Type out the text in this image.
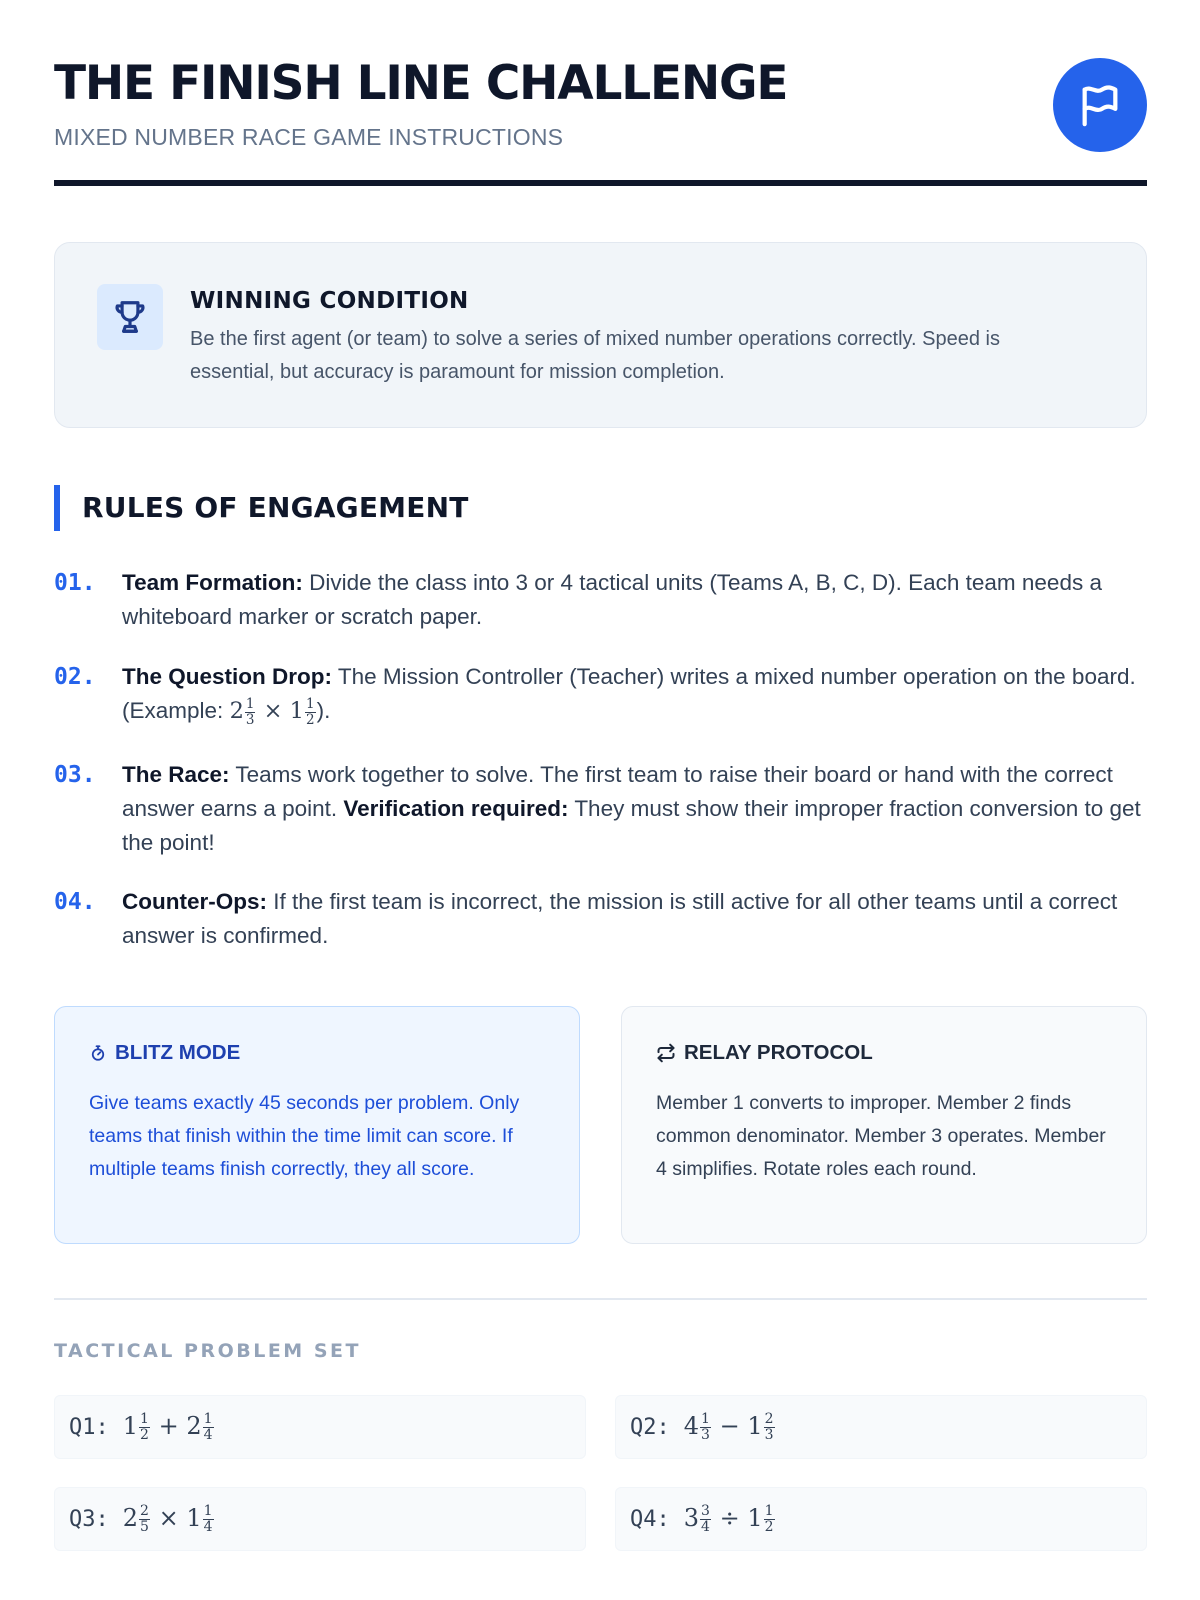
THE FINISH LINE CHALLENGE
MIXED NUMBER RACE GAME INSTRUCTIONS
WINNING CONDITION
Be the first agent (or team) to solve a series of mixed number operations correctly. Speed is essential, but accuracy is paramount for mission completion.
RULES OF ENGAGEMENT
01. Team Formation: Divide the class into 3 or 4 tactical units (Teams A, B, C, D). Each team needs a whiteboard marker or scratch paper.
02. The Question Drop: The Mission Controller (Teacher) writes a mixed number operation on the board. (Example: $2 \frac{1}{3} \times 1 \frac{1}{2}$ ).
03. The Race: Teams work together to solve. The first team to raise their board or hand with the correct answer earns a point. Verification required: They must show their improper fraction conversion to get the point!
04. Counter-Ops: If the first team is incorrect, the mission is still active for all other teams until a correct answer is confirmed.
BLITZ MODE
Give teams exactly 45 seconds per problem. Only teams that finish within the time limit can score. If multiple teams finish correctly, they all score.
RELAY PROTOCOL
Member 1 converts to improper. Member 2 finds common denominator. Member 3 operates. Member 4 simplifies. Rotate roles each round.
TACTICAL PROBLEM SET
Q1: $1 \frac{1}{2} + 2 \frac{1}{4}$	Q2: $4 \frac{1}{3} - 1 \frac{2}{3}$
Q3: $2 \frac{2}{5} \times 1 \frac{1}{4}$	Q4: $3 \frac{3}{4} \div 1 \frac{1}{2}$
